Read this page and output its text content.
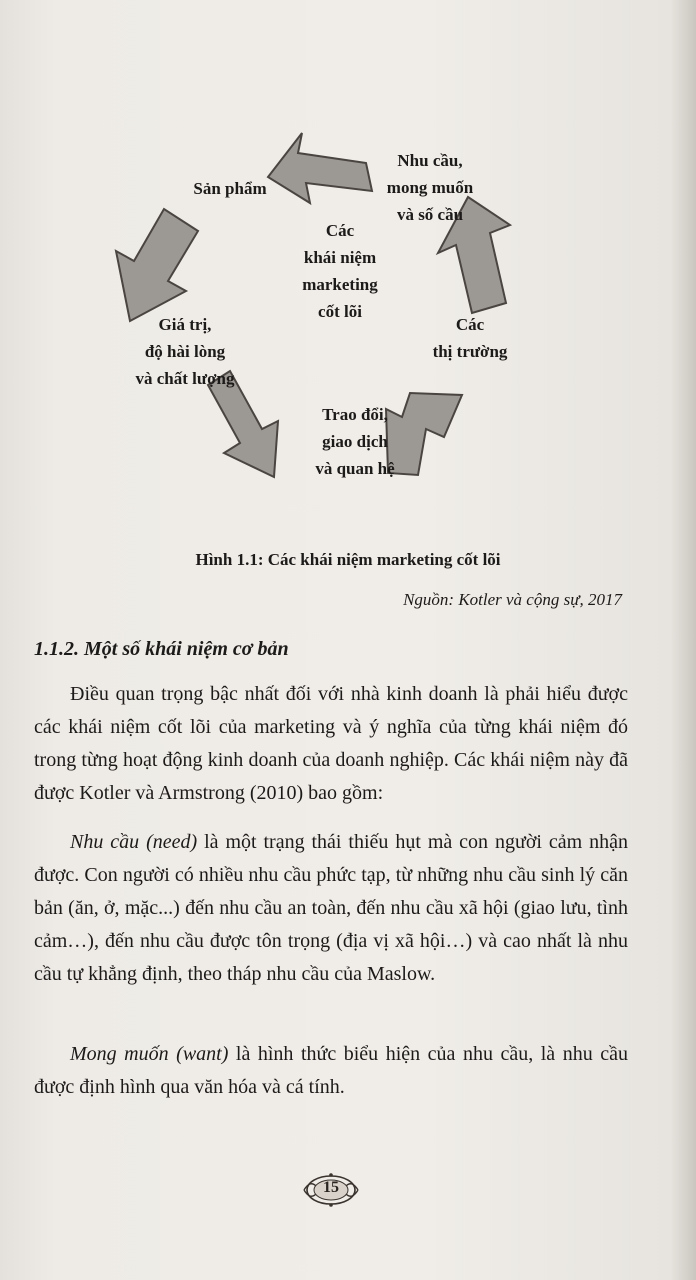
Các
khái niệm
marketing
cốt lõi
Nhu cầu,
mong muốn
và số cầu
Sản phẩm
Giá trị,
độ hài lòng
và chất lượng
Các
thị trường
Trao đổi,
giao dịch
và quan hệ
Hình 1.1: Các khái niệm marketing cốt lõi
Nguồn: Kotler và cộng sự, 2017
1.1.2. Một số khái niệm cơ bản
Điều quan trọng bậc nhất đối với nhà kinh doanh là phải hiểu được các khái niệm cốt lõi của marketing và ý nghĩa của từng khái niệm đó trong từng hoạt động kinh doanh của doanh nghiệp. Các khái niệm này đã được Kotler và Armstrong (2010) bao gồm:
Nhu cầu (need) là một trạng thái thiếu hụt mà con người cảm nhận được. Con người có nhiều nhu cầu phức tạp, từ những nhu cầu sinh lý căn bản (ăn, ở, mặc...) đến nhu cầu an toàn, đến nhu cầu xã hội (giao lưu, tình cảm…), đến nhu cầu được tôn trọng (địa vị xã hội…) và cao nhất là nhu cầu tự khẳng định, theo tháp nhu cầu của Maslow.
Mong muốn (want) là hình thức biểu hiện của nhu cầu, là nhu cầu được định hình qua văn hóa và cá tính.
15
